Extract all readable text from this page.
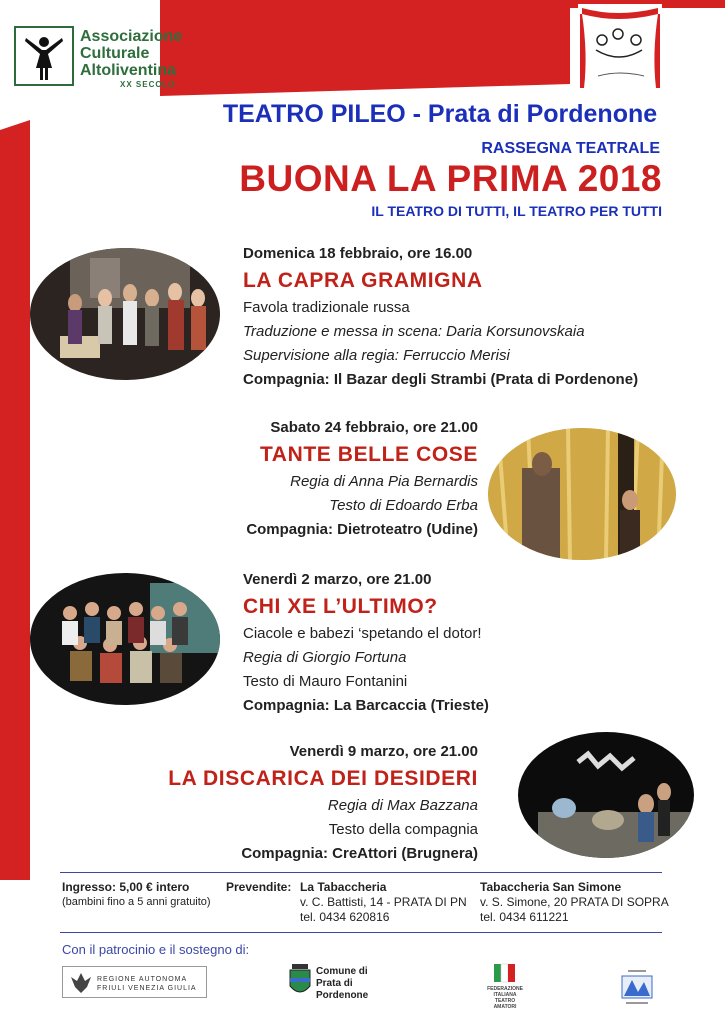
Associazione
Culturale
Altoliventina
XX SECOLO
TEATRO PILEO - Prata di Pordenone
RASSEGNA TEATRALE
BUONA LA PRIMA 2018
IL TEATRO DI TUTTI, IL TEATRO PER TUTTI
Domenica 18 febbraio, ore 16.00
LA CAPRA GRAMIGNA
Favola tradizionale russa
Traduzione e messa in scena: Daria Korsunovskaia
Supervisione alla regia: Ferruccio Merisi
Compagnia: Il Bazar degli Strambi (Prata di Pordenone)
Sabato 24 febbraio, ore 21.00
TANTE BELLE COSE
Regia di Anna Pia Bernardis
Testo di Edoardo Erba
Compagnia: Dietroteatro (Udine)
Venerdì 2 marzo, ore 21.00
CHI XE L’ULTIMO?
Ciacole e babezi ‘spetando el dotor!
Regia di Giorgio Fortuna
Testo di Mauro Fontanini
Compagnia: La Barcaccia (Trieste)
Venerdì 9 marzo, ore 21.00
LA DISCARICA DEI DESIDERI
Regia di Max Bazzana
Testo della compagnia
Compagnia: CreAttori (Brugnera)
Ingresso: 5,00 € intero
(bambini fino a 5 anni gratuito)
Prevendite: La Tabaccheria
v. C. Battisti, 14 - PRATA DI PN
tel. 0434 620816
Tabaccheria San Simone
v. S. Simone, 20 PRATA DI SOPRA
tel. 0434 611221
Con il patrocinio e il sostegno di:
REGIONE AUTONOMA
FRIULI VENEZIA GIULIA
Comune di
Prata di
Pordenone
FEDERAZIONE
ITALIANA
TEATRO
AMATORI
